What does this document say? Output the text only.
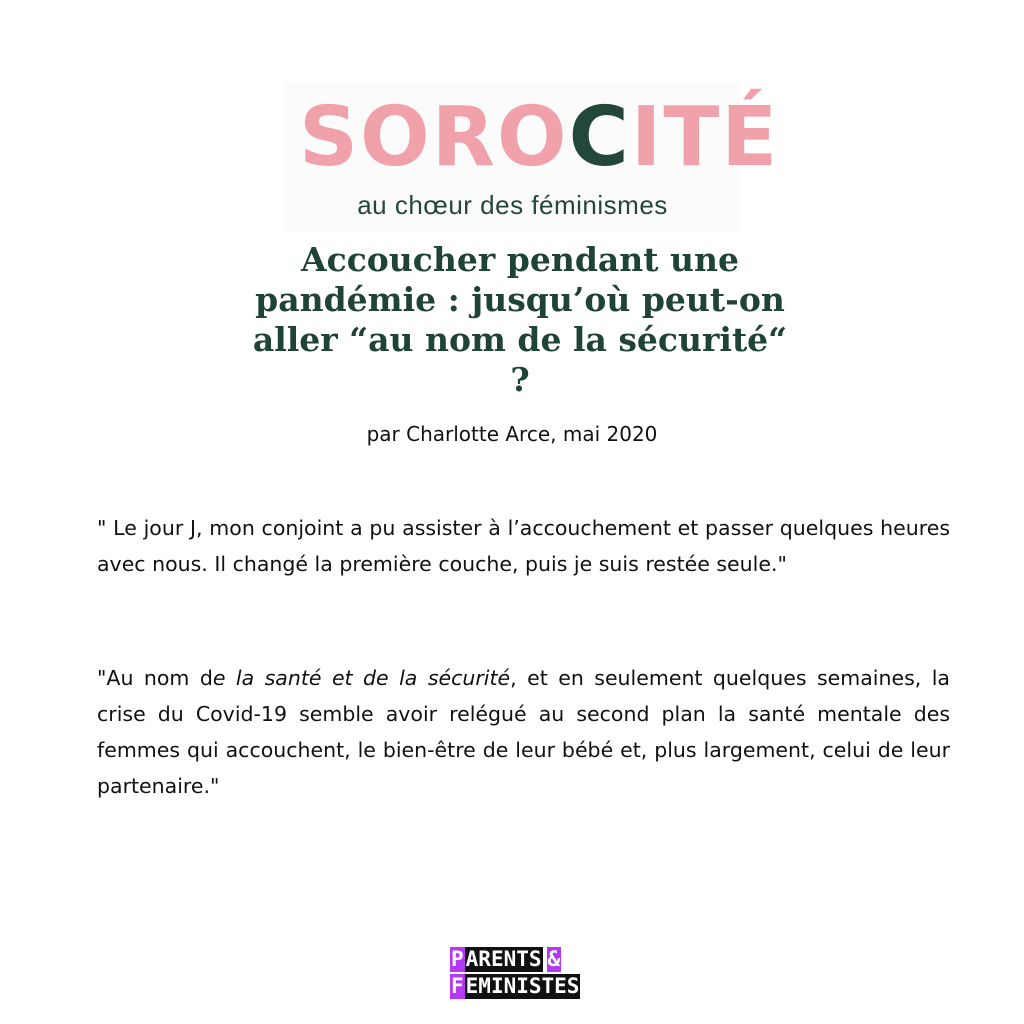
SORO C ITÉ
au chœur des féminismes
Accoucher pendant une pandémie : jusqu’où peut-on aller “au nom de la sécurité“ ?
par Charlotte Arce, mai 2020

" Le jour J, mon conjoint a pu assister à l’accouchement et passer quelques heures avec nous. Il changé la première couche, puis je suis restée seule."

"Au nom de la santé et de la sécurité, et en seulement quelques semaines, la crise du Covid-19 semble avoir relégué au second plan la santé mentale des femmes qui accouchent, le bien-être de leur bébé et, plus largement, celui de leur partenaire."

P ARENTS &
F EMINISTES
